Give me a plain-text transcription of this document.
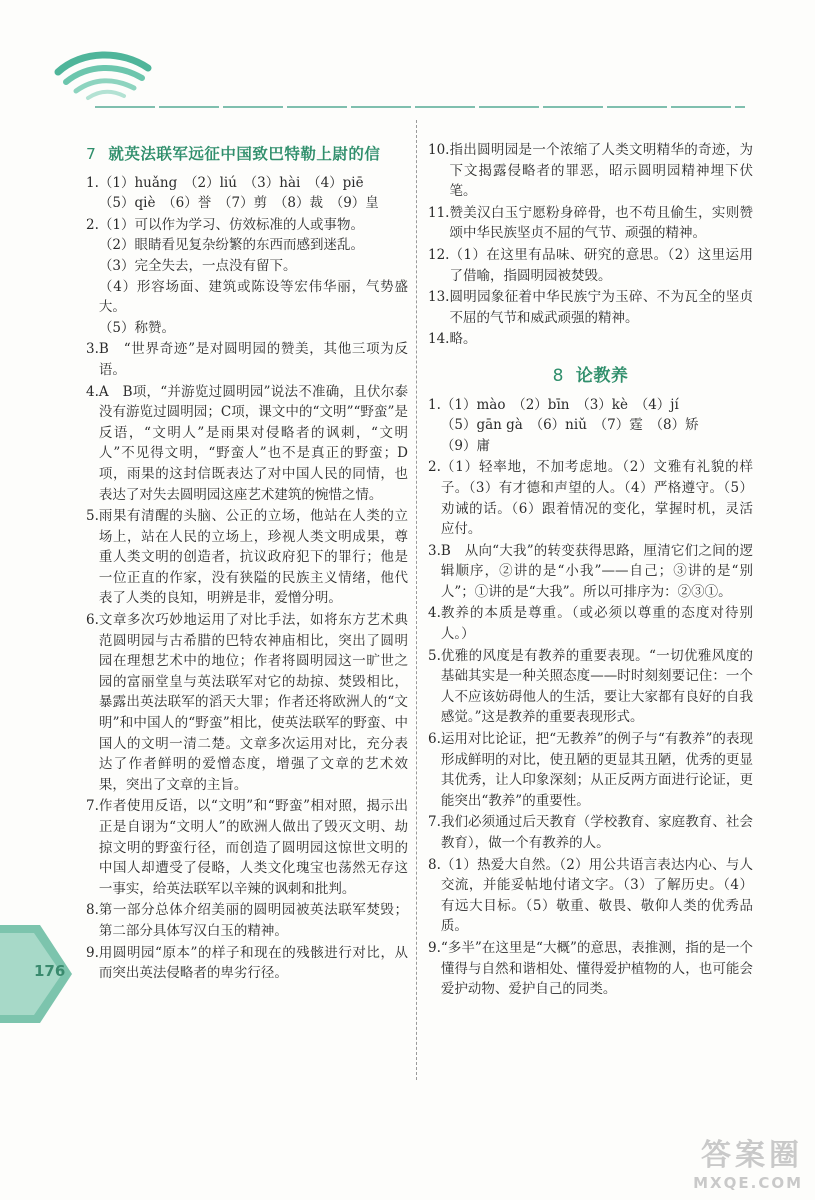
7 就英法联军远征中国致巴特勒上尉的信
1. （1）huǎng　（2）liú　（3）hài　（4）piē
（5）qiè　（6）誉　（7）剪　（8）裁　（9）皇
2. （1）可以作为学习、仿效标准的人或事物。
（2）眼睛看见复杂纷繁的东西而感到迷乱。
（3）完全失去，一点没有留下。
（4）形容场面、建筑或陈设等宏伟华丽，气势盛大。
（5）称赞。
3. B　“世界奇迹”是对圆明园的赞美，其他三项为反语。
4. A　B项，“并游览过圆明园”说法不准确，且伏尔泰没有游览过圆明园；C项，课文中的“文明”“野蛮”是反语，“文明人”是雨果对侵略者的讽刺，“文明人”不见得文明，“野蛮人”也不是真正的野蛮；D项，雨果的这封信既表达了对中国人民的同情，也表达了对失去圆明园这座艺术建筑的惋惜之情。
5. 雨果有清醒的头脑、公正的立场，他站在人类的立场上，站在人民的立场上，珍视人类文明成果，尊重人类文明的创造者，抗议政府犯下的罪行；他是一位正直的作家，没有狭隘的民族主义情绪，他代表了人类的良知，明辨是非，爱憎分明。
6. 文章多次巧妙地运用了对比手法，如将东方艺术典范圆明园与古希腊的巴特农神庙相比，突出了圆明园在理想艺术中的地位；作者将圆明园这一旷世之园的富丽堂皇与英法联军对它的劫掠、焚毁相比，暴露出英法联军的滔天大罪；作者还将欧洲人的“文明”和中国人的“野蛮”相比，使英法联军的野蛮、中国人的文明一清二楚。文章多次运用对比，充分表达了作者鲜明的爱憎态度，增强了文章的艺术效果，突出了文章的主旨。
7. 作者使用反语，以“文明”和“野蛮”相对照，揭示出正是自诩为“文明人”的欧洲人做出了毁灭文明、劫掠文明的野蛮行径，而创造了圆明园这惊世文明的中国人却遭受了侵略，人类文化瑰宝也荡然无存这一事实，给英法联军以辛辣的讽刺和批判。
8. 第一部分总体介绍美丽的圆明园被英法联军焚毁；第二部分具体写汉白玉的精神。
9. 用圆明园“原本”的样子和现在的残骸进行对比，从而突出英法侵略者的卑劣行径。
10. 指出圆明园是一个浓缩了人类文明精华的奇迹，为下文揭露侵略者的罪恶，昭示圆明园精神埋下伏笔。
11. 赞美汉白玉宁愿粉身碎骨，也不苟且偷生，实则赞颂中华民族坚贞不屈的气节、顽强的精神。
12. （1）在这里有品味、研究的意思。（2）这里运用了借喻，指圆明园被焚毁。
13. 圆明园象征着中华民族宁为玉碎、不为瓦全的坚贞不屈的气节和威武顽强的精神。
14. 略。
8 论教养
1. （1）mào　（2）bīn　（3）kè　（4）jí
（5）gān gà　（6）niǔ　（7）霆　（8）矫
（9）庸
2. （1）轻率地，不加考虑地。（2）文雅有礼貌的样子。（3）有才德和声望的人。（4）严格遵守。（5）劝诫的话。（6）跟着情况的变化，掌握时机，灵活应付。
3. B　从向“大我”的转变获得思路，厘清它们之间的逻辑顺序，②讲的是“小我”——自己；③讲的是“别人”；①讲的是“大我”。所以可排序为：②③①。
4. 教养的本质是尊重。（或必须以尊重的态度对待别人。）
5. 优雅的风度是有教养的重要表现。“一切优雅风度的基础其实是一种关照态度——时时刻刻要记住：一个人不应该妨碍他人的生活，要让大家都有良好的自我感觉。”这是教养的重要表现形式。
6. 运用对比论证，把“无教养”的例子与“有教养”的表现形成鲜明的对比，使丑陋的更显其丑陋，优秀的更显其优秀，让人印象深刻；从正反两方面进行论证，更能突出“教养”的重要性。
7. 我们必须通过后天教育（学校教育、家庭教育、社会教育），做一个有教养的人。
8. （1）热爱大自然。（2）用公共语言表达内心、与人交流，并能妥帖地付诸文字。（3）了解历史。（4）有远大目标。（5）敬重、敬畏、敬仰人类的优秀品质。
9. “多半”在这里是“大概”的意思，表推测，指的是一个懂得与自然和谐相处、懂得爱护植物的人，也可能会爱护动物、爱护自己的同类。
176
答案圈
MXQE.COM
